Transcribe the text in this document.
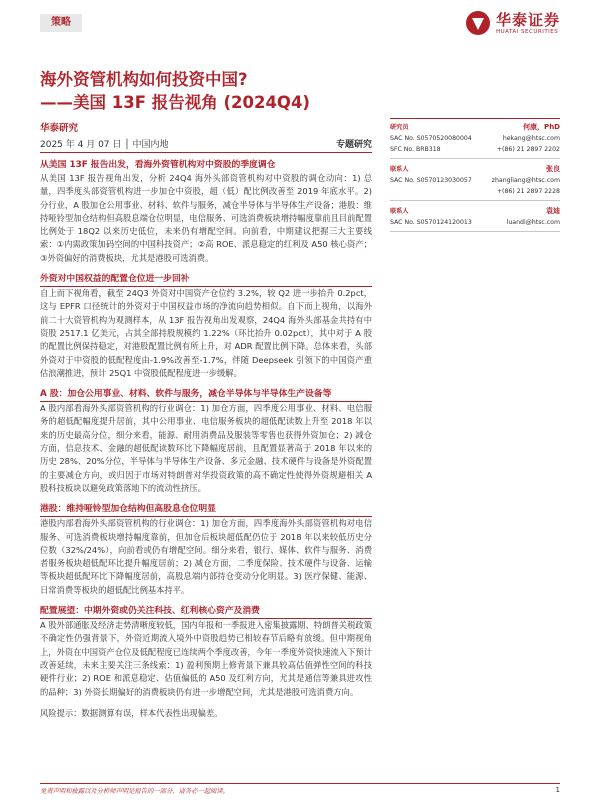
策略	华泰证券
HUATAI SECURITIES
海外资管机构如何投资中国?
——美国 13F 报告视角 (2024Q4)
华泰研究
2025 年 4 月 07 日 │ 中国内地	专题研究
从美国 13F 报告出发，看海外资管机构对中资股的季度调仓
从美国 13F 报告视角出发，分析 24Q4 海外头部资管机构对中资股的调仓动向：1) 总量，四季度头部资管机构进一步加仓中资股，超（低）配比例改善至 2019 年底水平。2) 分行业，A 股加仓公用事业、材料、软件与服务，减仓半导体与半导体生产设备；港股：维持哑铃型加仓结构但高股息端仓位明显，电信服务、可选消费板块增持幅度靠前且目前配置比例处于 18Q2 以来历史低位，未来仍有增配空间。向前看，中期建议把握三大主要线索：①内需政策加码空间的中国科技资产；②高 ROE、派息稳定的红利及 A50 核心资产；③外资偏好的消费板块，尤其是港股可选消费。
外资对中国权益的配置仓位进一步回补
自上而下视角看，截至 24Q3 外资对中国资产仓位约 3.2%，较 Q2 进一步抬升 0.2pct，这与 EPFR 口径统计的外资对于中国权益市场的净流向趋势相似。自下而上视角，以海外前二十大资管机构为观测样本，从 13F 报告视角出发观察，24Q4 海外头部基金共持有中资股 2517.1 亿美元，占其全部持股规模约 1.22%（环比抬升 0.02pct），其中对于 A 股的配置比例保持稳定，对港股配置比例有所上升，对 ADR 配置比例下降。总体来看，头部外资对于中资股的低配程度由-1.9%改善至-1.7%，伴随 Deepseek 引领下的中国资产重估浪潮推进，预计 25Q1 中资股低配程度进一步缓解。
A 股：加仓公用事业、材料、软件与服务，减仓半导体与半导体生产设备等
A 股内部看海外头部资管机构的行业调仓：1) 加仓方面，四季度公用事业、材料、电信服务的超低配幅度提升居前，其中公用事业、电信服务板块的超低配读数上升至 2018 年以来的历史最高分位，细分来看，能源、耐用消费品及服装等零售也获得外资加仓；2) 减仓方面，信息技术、金融的超低配读数环比下降幅度居前，且配置显著高于 2018 年以来的历史 28%、20%分位，半导体与半导体生产设备、多元金融、技术硬件与设备是外资配置的主要减仓方向，或归因于市场对特朗普对华投资政策的高不确定性使得外资规避相关 A 股科技板块以避免政策落地下的流动性挤压。
港股：维持哑铃型加仓结构但高股息仓位明显
港股内部看海外头部资管机构的行业调仓：1) 加仓方面，四季度海外头部资管机构对电信服务、可选消费板块增持幅度靠前，但加仓后板块超低配仍位于 2018 年以来较低历史分位数（32%/24%），向前看或仍有增配空间。细分来看，银行、媒体、软件与服务、消费者服务板块超低配环比提升幅度居前；2) 减仓方面，二季度保险、技术硬件与设备、运输等板块超低配环比下降幅度居前，高股息端内部持仓变动分化明显。3) 医疗保健、能源、日常消费等板块的超低配比例基本持平。
配置展望：中期外资或仍关注科技、红利核心资产及消费
A 股外部通胀及经济走势清晰度较低，国内年报和一季报进入密集披露期、特朗普关税政策不确定性仍强背景下，外资近期流入境外中资股趋势已相较春节后略有放缓。但中期视角上，外资在中国资产仓位及低配程度已连续两个季度改善，今年一季度外资快速流入下预计改善延续，未来主要关注三条线索：1) 盈利预期上修背景下兼具较高估值弹性空间的科技硬件行业；2) ROE 和派息稳定、估值偏低的 A50 及红利方向，尤其是通信等兼具进攻性的品种；3) 外资长期偏好的消费板块仍有进一步增配空间，尤其是港股可选消费方向。
风险提示：数据测算有误，样本代表性出现偏差。
研究员	何康，PhD
SAC No. S0570520080004	hekang@htsc.com
SFC No. BRB318	+(86) 21 2897 2202
联系人	张良
SAC No. S0570123030057	zhangliang@htsc.com
+(86) 21 2897 2228
联系人	袁迪
SAC No. S0570124120013	luandi@htsc.com
免责声明和披露以及分析师声明是报告的一部分，请务必一起阅读。	1
